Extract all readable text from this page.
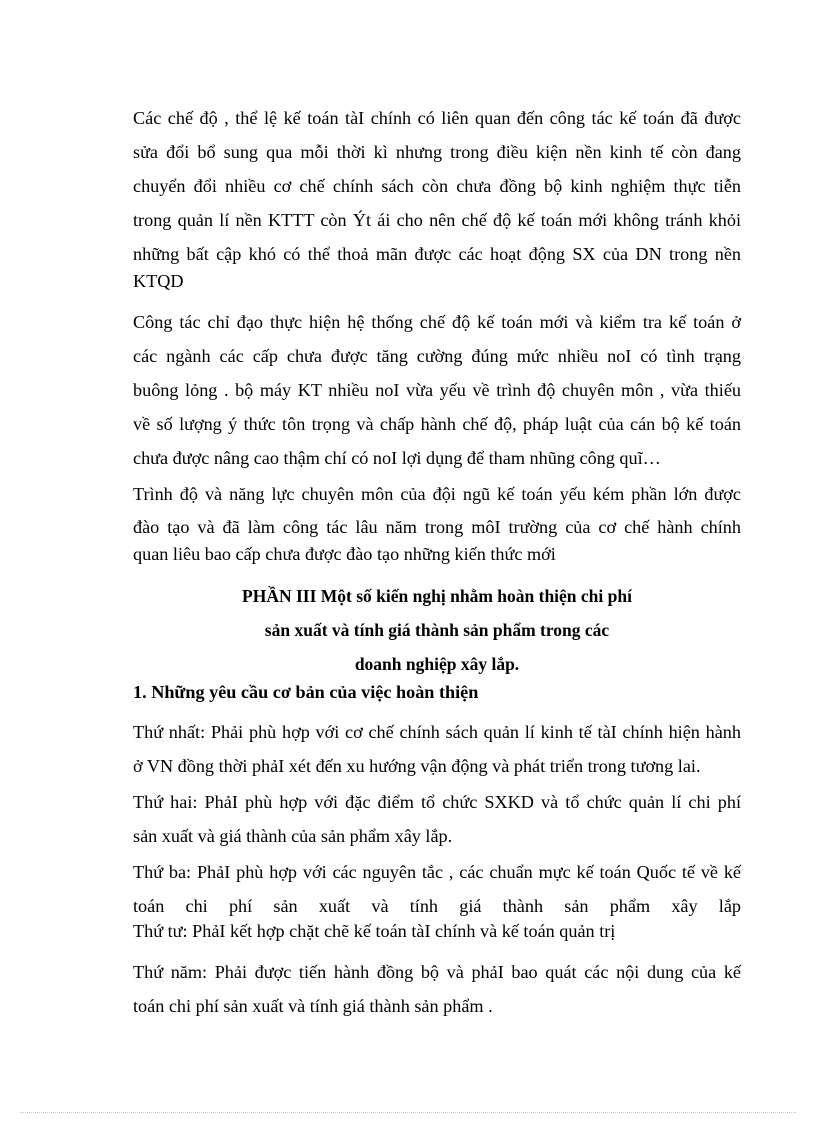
Các chế độ , thể lệ kế toán tàI chính có liên quan đến công tác kế toán đã được
sửa đổi bổ sung qua mỗi thời kì nhưng trong điều kiện nền kinh tế còn đang
chuyển đổi nhiều cơ chế chính sách còn chưa đồng bộ kinh nghiệm thực tiễn
trong quản lí nền KTTT còn Ýt ái cho nên chế độ kế toán mới không tránh khỏi
những bất cập khó có thể thoả mãn được các hoạt động SX của DN trong nền
KTQD
Công tác chỉ đạo thực hiện hệ thống chế độ kế toán mới và kiểm tra kế toán ở
các ngành các cấp chưa được tăng cường đúng mức nhiều noI có tình trạng
buông lỏng . bộ máy KT nhiều noI vừa yếu về trình độ chuyên môn , vừa thiếu
về số lượng ý thức tôn trọng và chấp hành chế độ, pháp luật của cán bộ kế toán
chưa được nâng cao thậm chí có noI lợi dụng để tham nhũng công quĩ…
Trình độ và năng lực chuyên môn của đội ngũ kế toán yếu kém phần lớn được
đào tạo và đã làm công tác lâu năm trong môI trường của cơ chế hành chính
quan liêu bao cấp chưa được đào tạo những kiến thức mới
PHẦN III Một số kiến nghị nhằm hoàn thiện chi phí
sản xuất và tính giá thành sản phẩm trong các
doanh nghiệp xây lắp.
1. Những yêu cầu cơ bản của việc hoàn thiện
Thứ nhất: Phải phù hợp với cơ chế chính sách quản lí kinh tế tàI chính hiện hành
ở VN đồng thời phảI xét đến xu hướng vận động và phát triển trong tương lai.
Thứ hai: PhảI phù hợp với đặc điểm tổ chức SXKD và tổ chức quản lí chi phí
sản xuất và giá thành của sản phẩm xây lắp.
Thứ ba: PhảI phù hợp với các nguyên tắc , các chuẩn mực kế toán Quốc tế về kế
toán chi phí sản xuất và tính giá thành sản phẩm xây lắp
Thứ tư: PhảI kết hợp chặt chẽ kế toán tàI chính và kế toán quản trị
Thứ năm: Phải được tiến hành đồng bộ và phảI bao quát các nội dung của kế
toán chi phí sản xuất và tính giá thành sản phẩm .
